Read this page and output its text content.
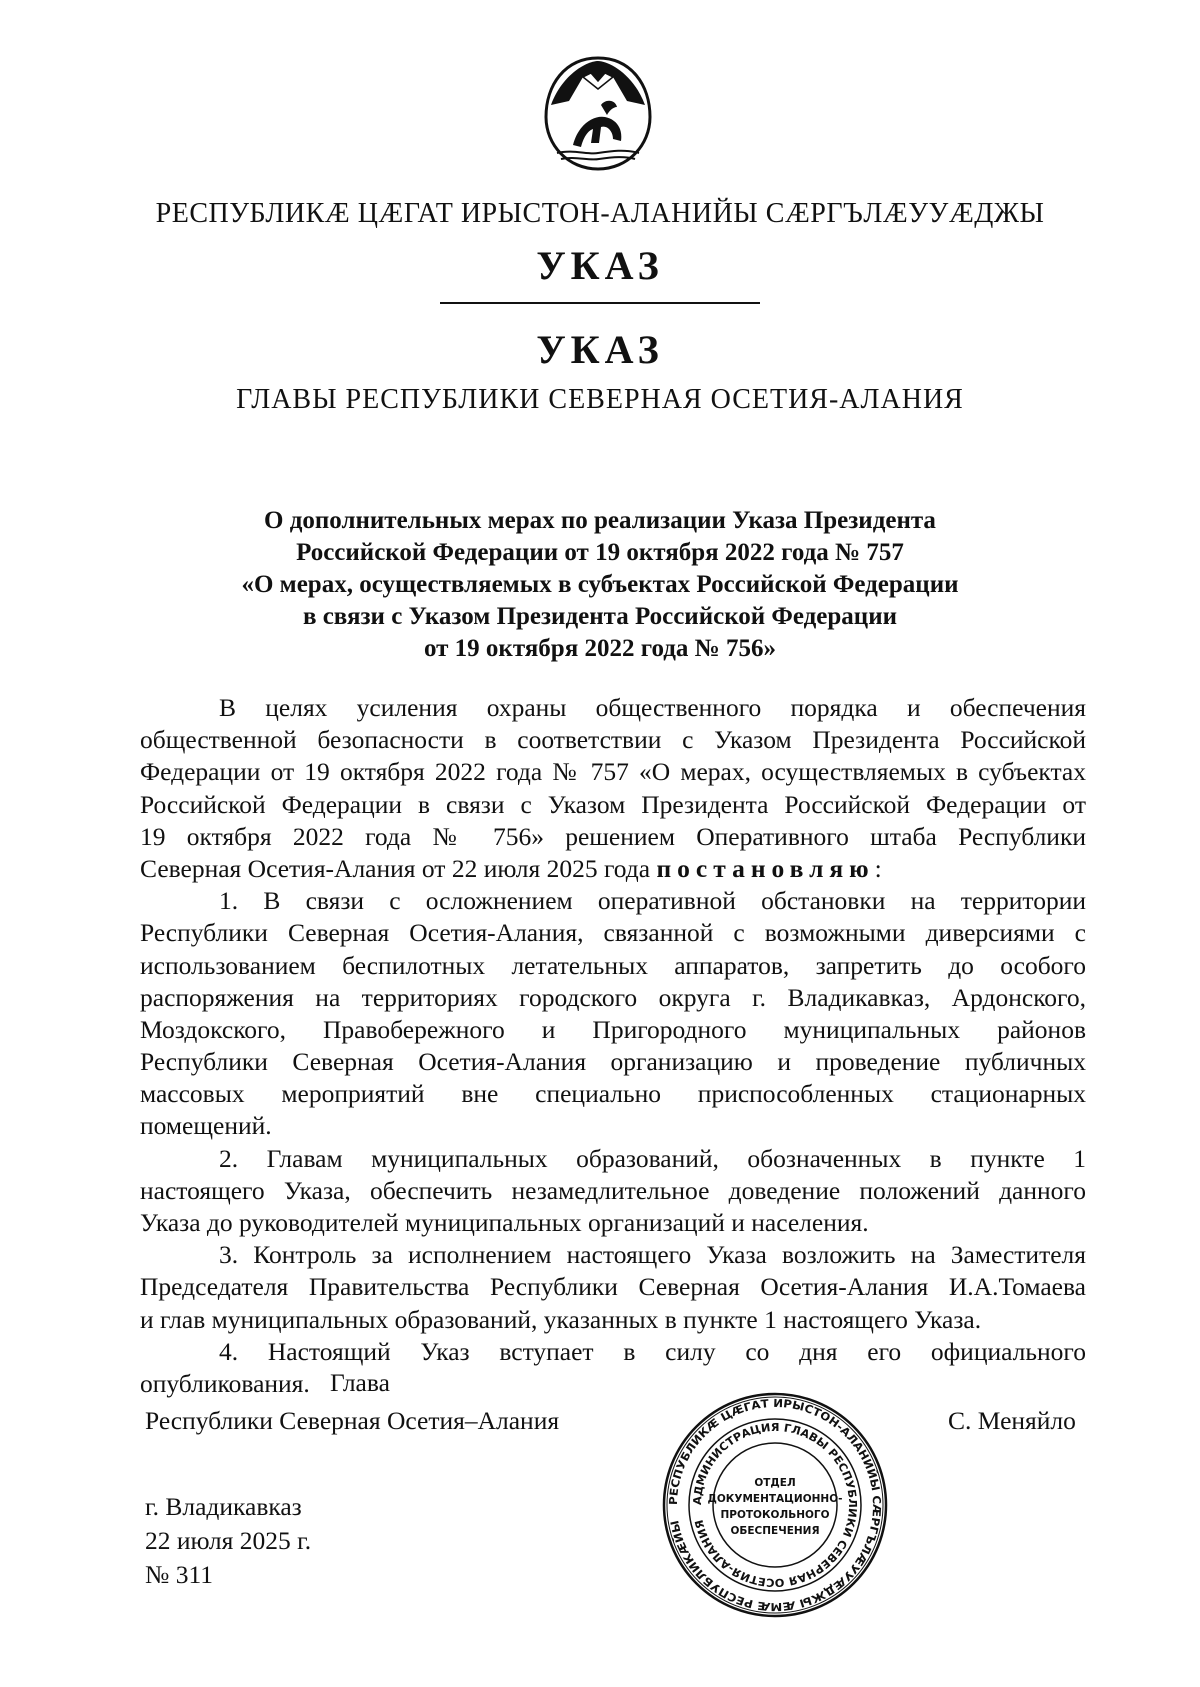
РЕСПУБЛИКӔ ЦӔГАТ ИРЫСТОН-АЛАНИЙЫ СӔРГЪЛӔУУӔДЖЫ
УКАЗ
УКАЗ
ГЛАВЫ РЕСПУБЛИКИ СЕВЕРНАЯ ОСЕТИЯ-АЛАНИЯ
О дополнительных мерах по реализации Указа Президента
Российской Федерации от 19 октября 2022 года № 757
«О мерах, осуществляемых в субъектах Российской Федерации
в связи с Указом Президента Российской Федерации
от 19 октября 2022 года № 756»
В целях усиления охраны общественного порядка и обеспечения
общественной безопасности в соответствии с Указом Президента Российской
Федерации от 19 октября 2022 года № 757 «О мерах, осуществляемых в субъектах
Российской Федерации в связи с Указом Президента Российской Федерации от
19 октября 2022 года № 756» решением Оперативного штаба Республики
Северная Осетия-Алания от 22 июля 2025 года постановляю:
1. В связи с осложнением оперативной обстановки на территории
Республики Северная Осетия-Алания, связанной с возможными диверсиями с
использованием беспилотных летательных аппаратов, запретить до особого
распоряжения на территориях городского округа г. Владикавказ, Ардонского,
Моздокского, Правобережного и Пригородного муниципальных районов
Республики Северная Осетия-Алания организацию и проведение публичных
массовых мероприятий вне специально приспособленных стационарных
помещений.
2. Главам муниципальных образований, обозначенных в пункте 1
настоящего Указа, обеспечить незамедлительное доведение положений данного
Указа до руководителей муниципальных организаций и населения.
3. Контроль за исполнением настоящего Указа возложить на Заместителя
Председателя Правительства Республики Северная Осетия-Алания И.А.Томаева
и глав муниципальных образований, указанных в пункте 1 настоящего Указа.
4. Настоящий Указ вступает в силу со дня его официального
опубликования. Глава
Республики Северная Осетия–Алания	С. Меняйло
г. Владикавказ
22 июля 2025 г.
№ 311
РЕСПУБЛИКӔ ЦӔГАТ ИРЫСТОН-АЛАНИЙЫ СӔРГЪЛӔУУӔДЖЫ ӔМӔ РЕСПУБЛИКӔЙЫ
АДМИНИСТРАЦИЯ ГЛАВЫ РЕСПУБЛИКИ СЕВЕРНАЯ ОСЕТИЯ-АЛАНИЯ
ОТДЕЛ
ДОКУМЕНТАЦИОННО-
ПРОТОКОЛЬНОГО
ОБЕСПЕЧЕНИЯ
